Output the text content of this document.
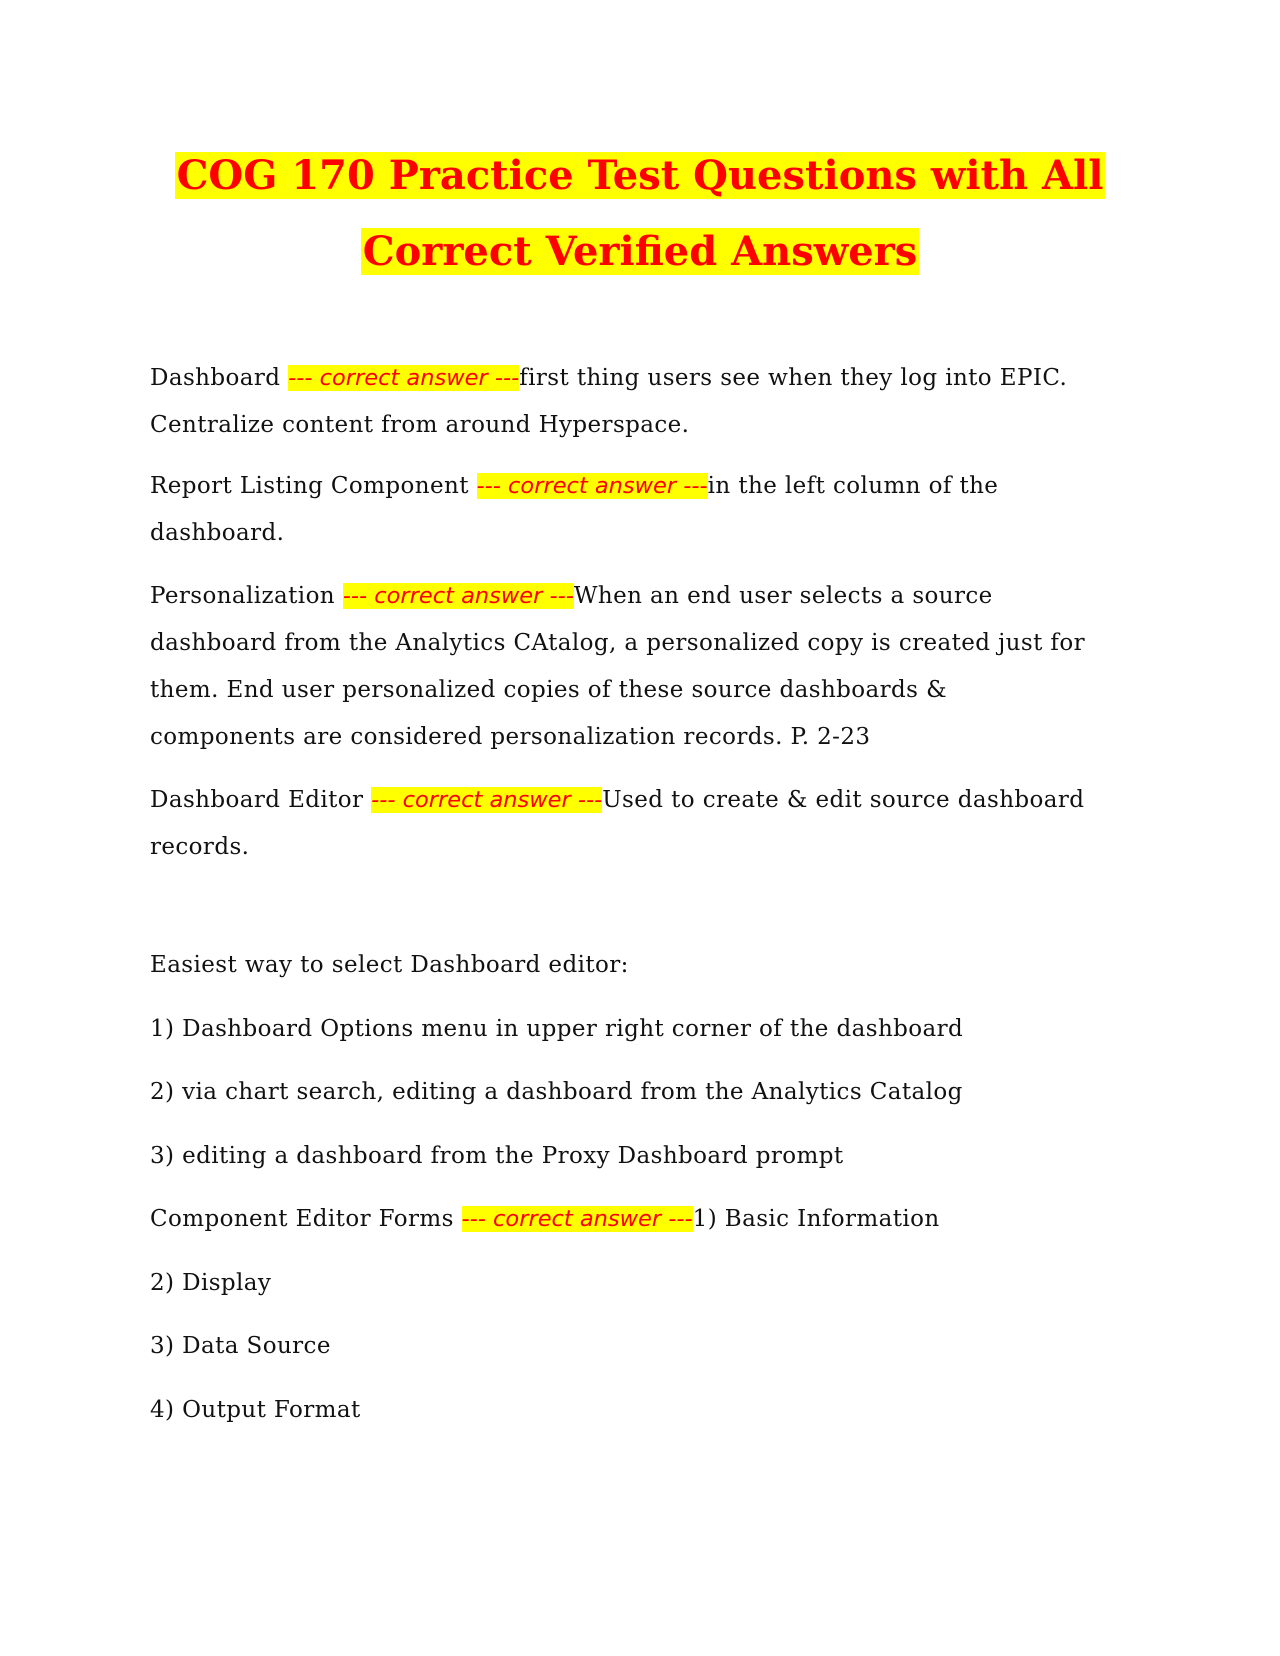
COG 170 Practice Test Questions with All
Correct Verified Answers

Dashboard --- correct answer ---first thing users see when they log into EPIC. Centralize content from around Hyperspace.

Report Listing Component --- correct answer ---in the left column of the dashboard.

Personalization --- correct answer ---When an end user selects a source dashboard from the Analytics CAtalog, a personalized copy is created just for them. End user personalized copies of these source dashboards & components are considered personalization records. P. 2-23

Dashboard Editor --- correct answer ---Used to create & edit source dashboard records.

Easiest way to select Dashboard editor:

1) Dashboard Options menu in upper right corner of the dashboard

2) via chart search, editing a dashboard from the Analytics Catalog

3) editing a dashboard from the Proxy Dashboard prompt

Component Editor Forms --- correct answer ---1) Basic Information

2) Display

3) Data Source

4) Output Format
